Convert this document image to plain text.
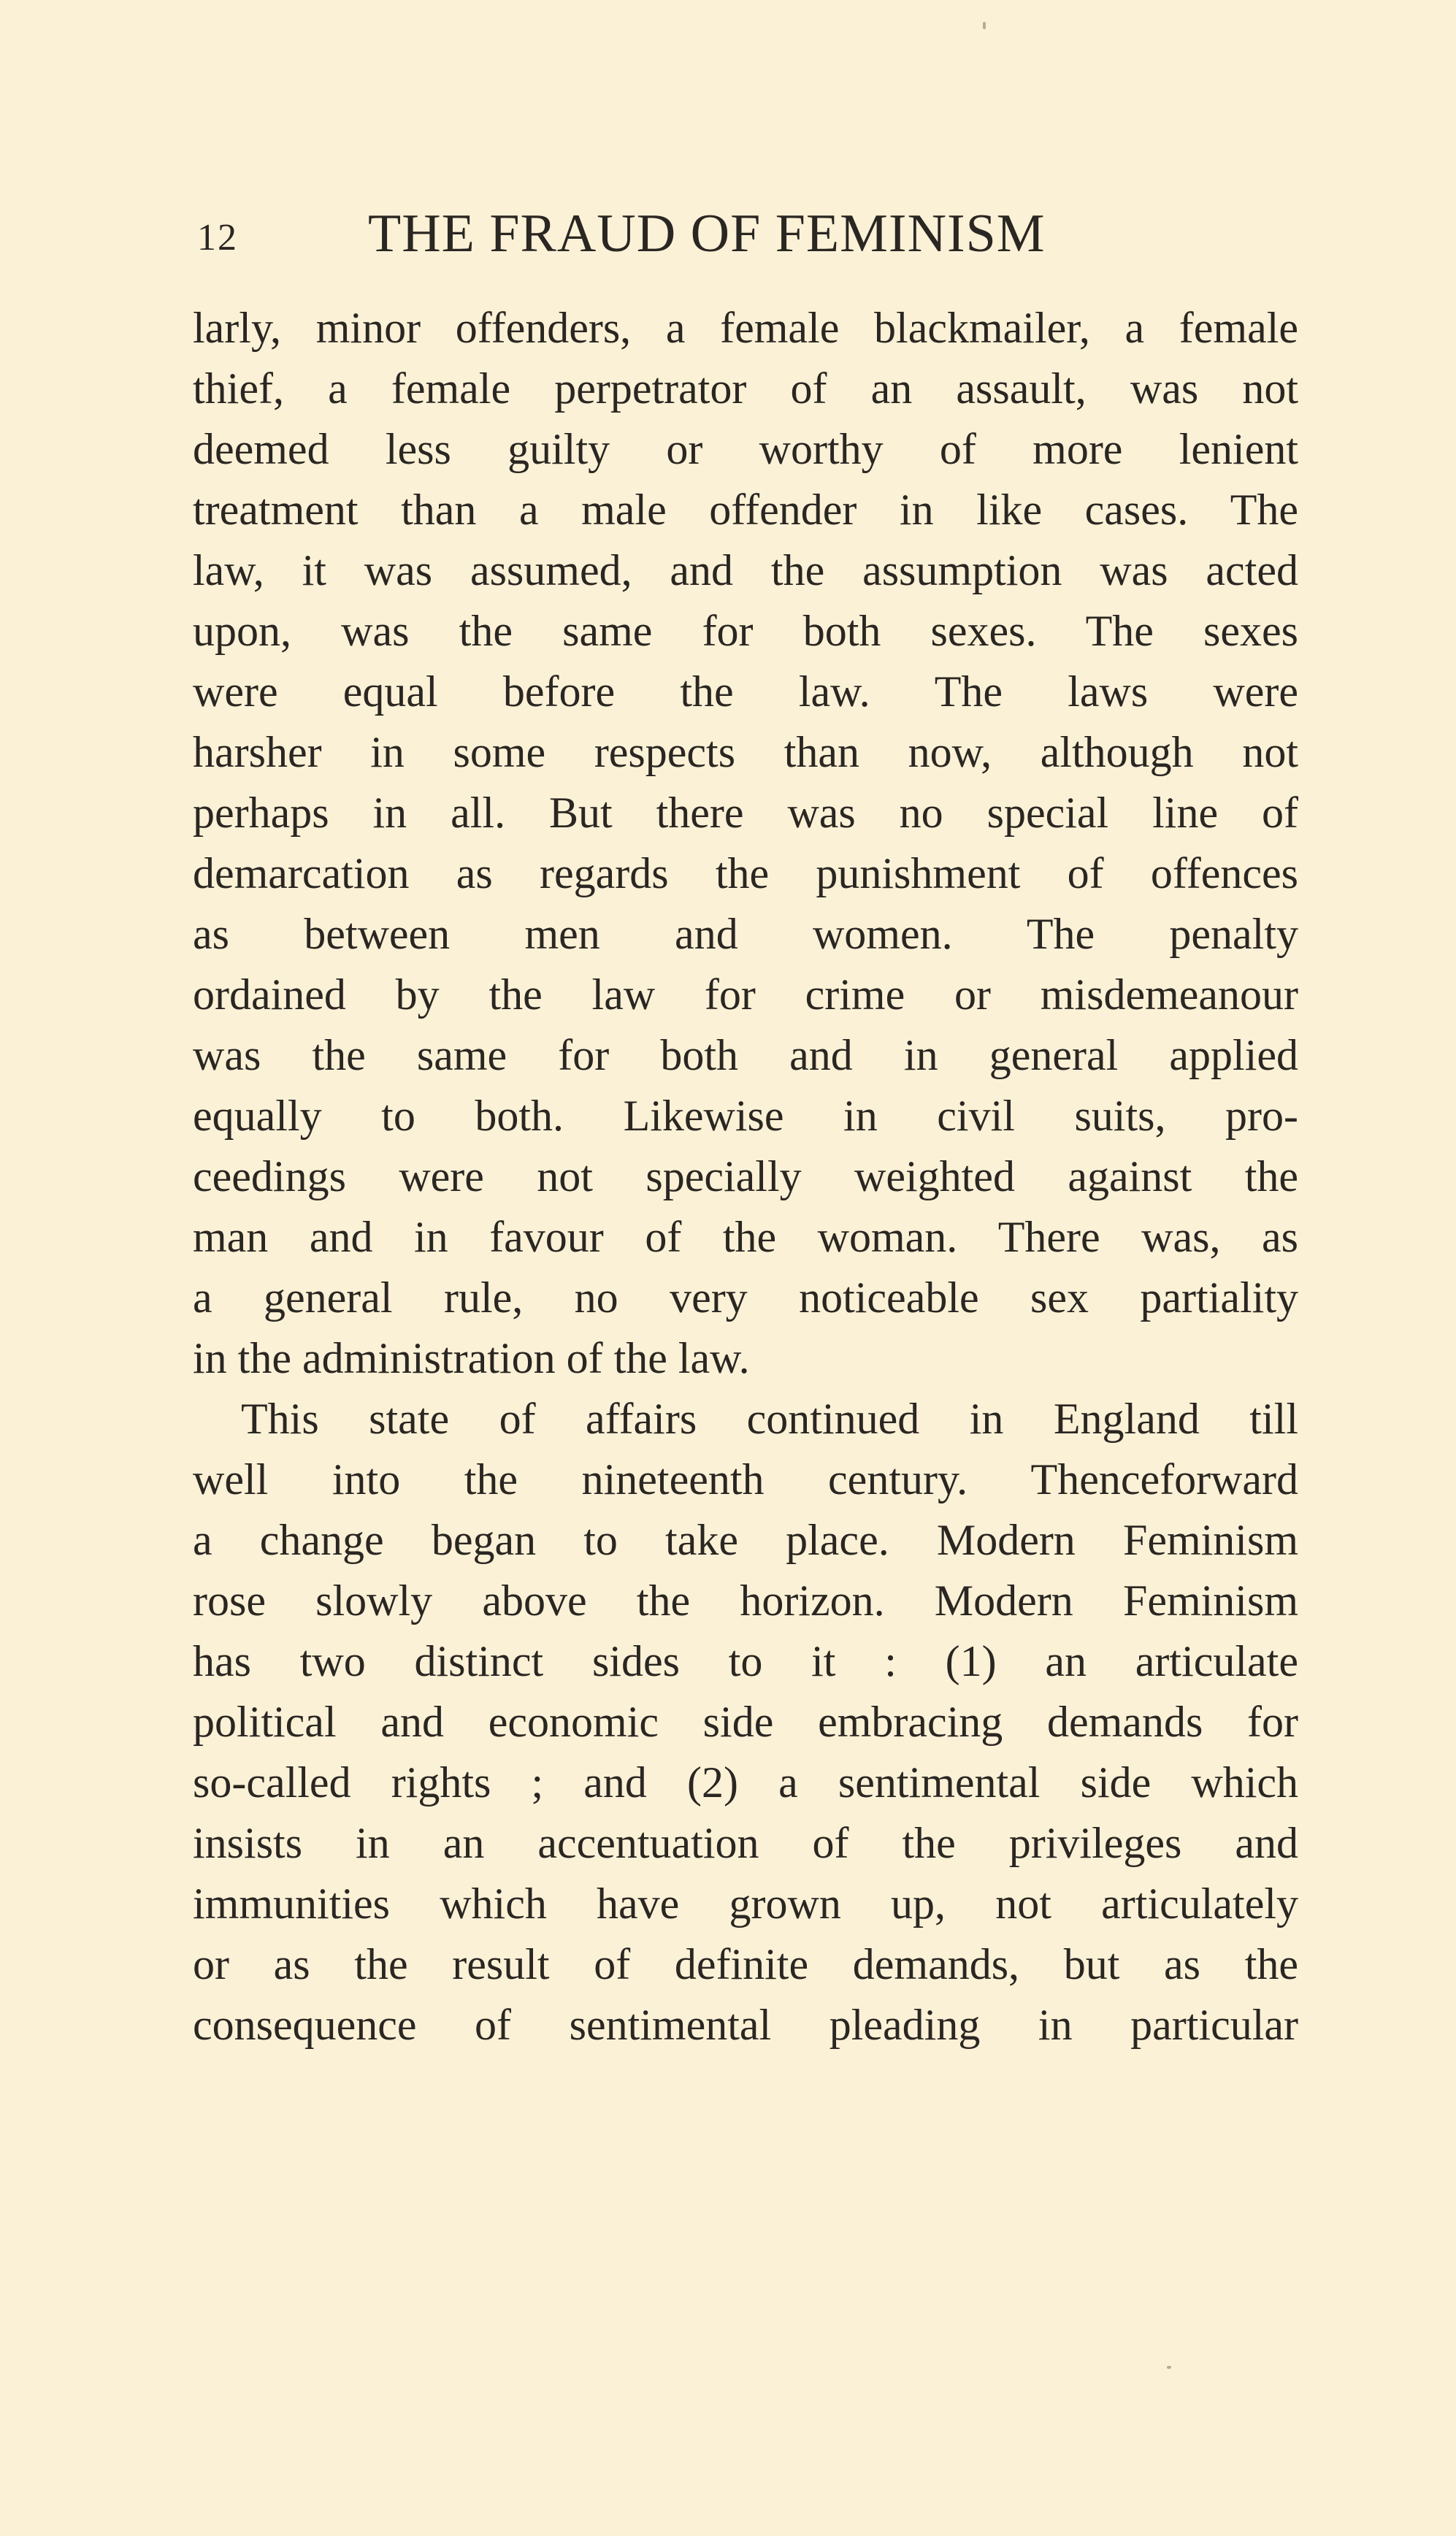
12 THE FRAUD OF FEMINISM
larly, minor offenders, a female blackmailer, a female
thief, a female perpetrator of an assault, was not
deemed less guilty or worthy of more lenient
treatment than a male offender in like cases. The
law, it was assumed, and the assumption was acted
upon, was the same for both sexes. The sexes
were equal before the law. The laws were
harsher in some respects than now, although not
perhaps in all. But there was no special line of
demarcation as regards the punishment of offences
as between men and women. The penalty
ordained by the law for crime or misdemeanour
was the same for both and in general applied
equally to both. Likewise in civil suits, pro-
ceedings were not specially weighted against the
man and in favour of the woman. There was, as
a general rule, no very noticeable sex partiality
in the administration of the law.
This state of affairs continued in England till
well into the nineteenth century. Thenceforward
a change began to take place. Modern Feminism
rose slowly above the horizon. Modern Feminism
has two distinct sides to it : (1) an articulate
political and economic side embracing demands for
so-called rights ; and (2) a sentimental side which
insists in an accentuation of the privileges and
immunities which have grown up, not articulately
or as the result of definite demands, but as the
consequence of sentimental pleading in particular
